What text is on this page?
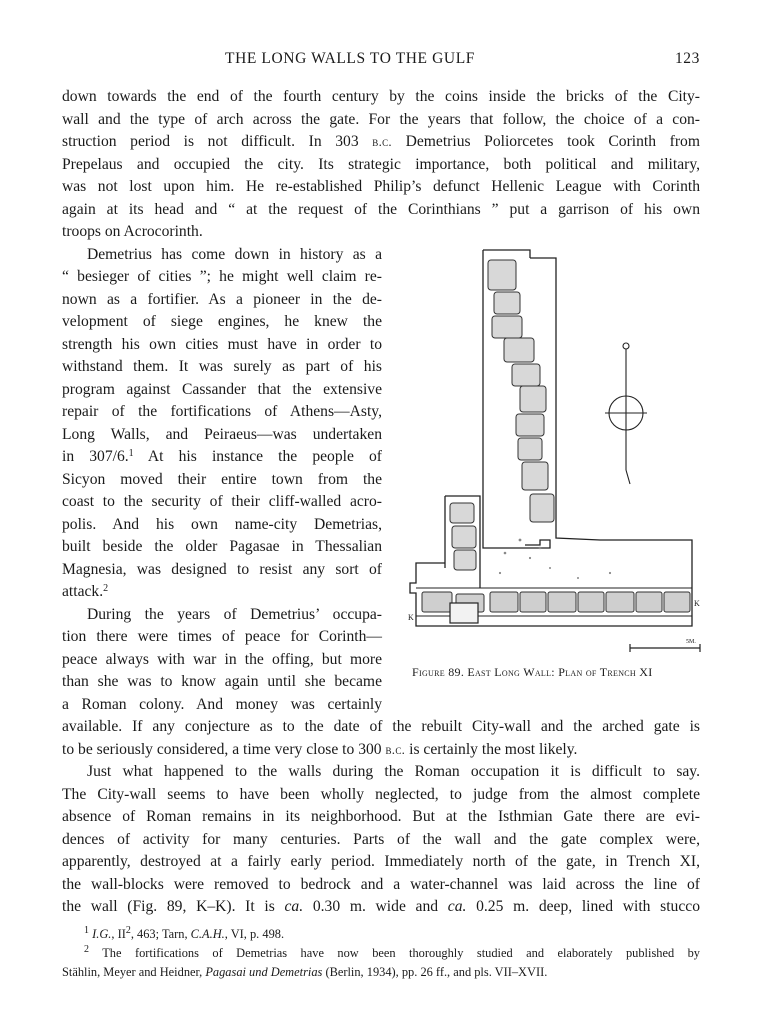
THE LONG WALLS TO THE GULF	123
down towards the end of the fourth century by the coins inside the bricks of the City-
wall and the type of arch across the gate. For the years that follow, the choice of a con-
struction period is not difficult. In 303 b.c. Demetrius Poliorcetes took Corinth from
Prepelaus and occupied the city. Its strategic importance, both political and military,
was not lost upon him. He re-established Philip’s defunct Hellenic League with Corinth
again at its head and “ at the request of the Corinthians ” put a garrison of his own
troops on Acrocorinth.
Demetrius has come down in history as a
“ besieger of cities ”; he might well claim re-
nown as a fortifier. As a pioneer in the de-
velopment of siege engines, he knew the
strength his own cities must have in order to
withstand them. It was surely as part of his
program against Cassander that the extensive
repair of the fortifications of Athens—Asty,
Long Walls, and Peiraeus—was undertaken
in 307/6.$^1$ At his instance the people of
Sicyon moved their entire town from the
coast to the security of their cliff-walled acro-
polis. And his own name-city Demetrias,
built beside the older Pagasae in Thessalian
Magnesia, was designed to resist any sort of
attack.$^2$
During the years of Demetrius’ occupa-
tion there were times of peace for Corinth—
peace always with war in the offing, but more
than she was to know again until she became
a Roman colony. And money was certainly
available. If any conjecture as to the date of the rebuilt City-wall and the arched gate is
to be seriously considered, a time very close to 300 b.c. is certainly the most likely.
Just what happened to the walls during the Roman occupation it is difficult to say.
The City-wall seems to have been wholly neglected, to judge from the almost complete
absence of Roman remains in its neighborhood. But at the Isthmian Gate there are evi-
dences of activity for many centuries. Parts of the wall and the gate complex were,
apparently, destroyed at a fairly early period. Immediately north of the gate, in Trench XI,
the wall-blocks were removed to bedrock and a water-channel was laid across the line of
the wall (Fig. 89, K–K). It is ca. 0.30 m. wide and ca. 0.25 m. deep, lined with stucco
K
K
5M.
Figure 89. East Long Wall: Plan of Trench XI
$^1$ I.G., $II^2$, 463; Tarn, C.A.H., VI, p. 498.
$^2$ The fortifications of Demetrias have now been thoroughly studied and elaborately published by
Stählin, Meyer and Heidner, Pagasai und Demetrias (Berlin, 1934), pp. 26 ff., and pls. VII–XVII.
